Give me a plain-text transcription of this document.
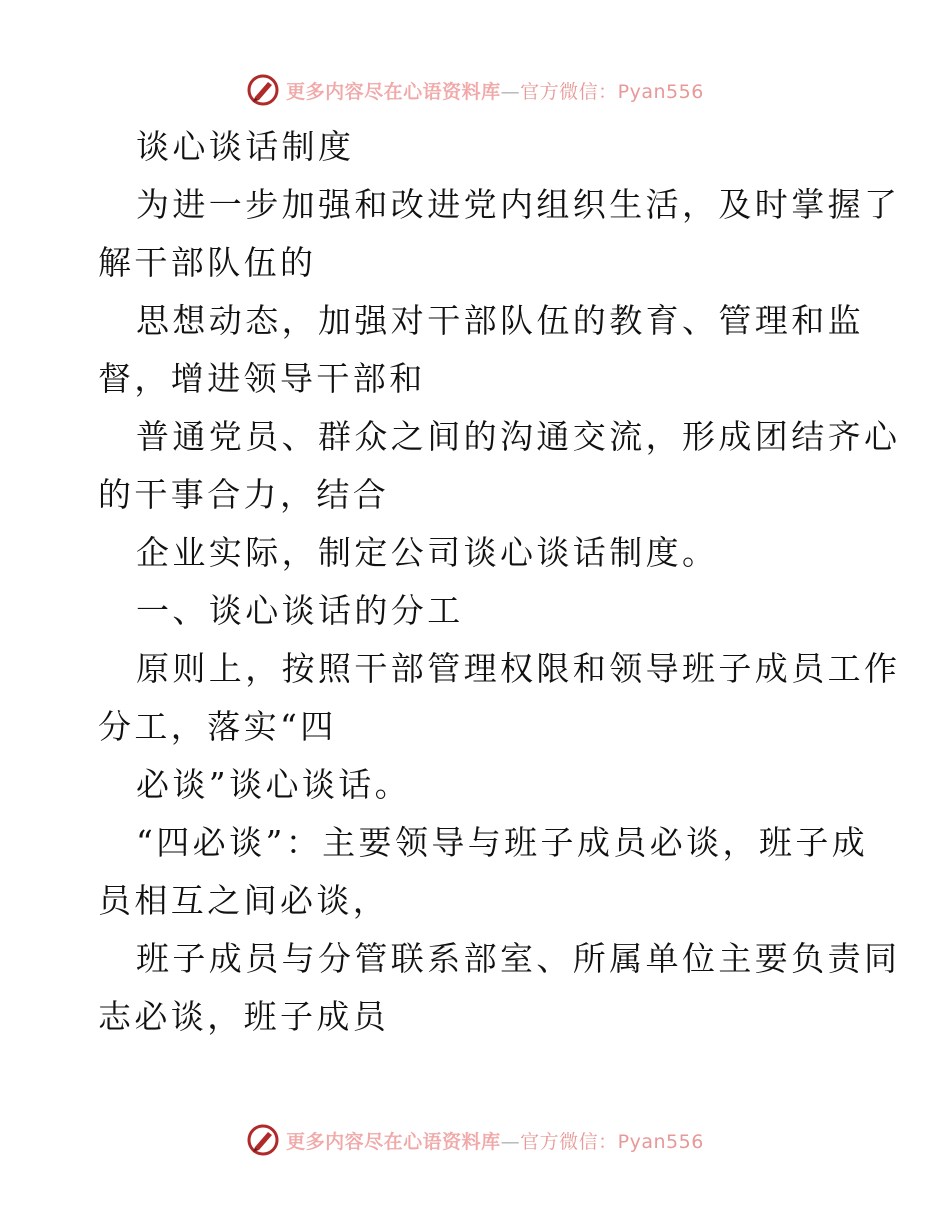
更多内容尽在心语资料库—官方微信：Pyan556
谈心谈话制度
为进一步加强和改进党内组织生活，及时掌握了
解干部队伍的
思想动态，加强对干部队伍的教育、管理和监
督，增进领导干部和
普通党员、群众之间的沟通交流，形成团结齐心
的干事合力，结合
企业实际，制定公司谈心谈话制度。
一、谈心谈话的分工
原则上，按照干部管理权限和领导班子成员工作
分工，落实“四
必谈”谈心谈话。
“四必谈”：主要领导与班子成员必谈，班子成
员相互之间必谈，
班子成员与分管联系部室、所属单位主要负责同
志必谈，班子成员
更多内容尽在心语资料库—官方微信：Pyan556
